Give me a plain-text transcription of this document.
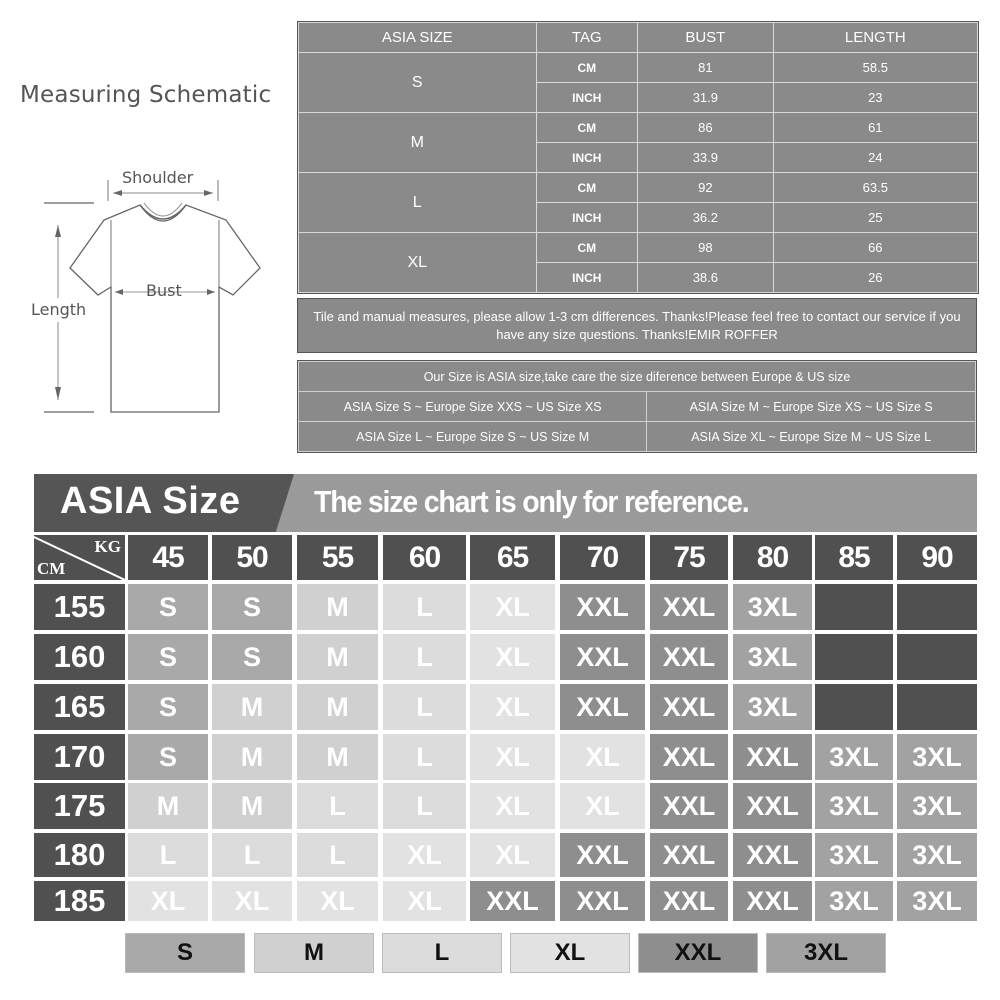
Measuring Schematic
Shoulder
Bust
Length
ASIA SIZE	TAG	BUST	LENGTH
S	CM	81	58.5
	INCH	31.9	23
M	CM	86	61
	INCH	33.9	24
L	CM	92	63.5
	INCH	36.2	25
XL	CM	98	66
	INCH	38.6	26
Tile and manual measures, please allow 1-3 cm differences. Thanks!Please feel free to contact our service if you have any size questions. Thanks!EMIR ROFFER
Our Size is ASIA size,take care the size diference between Europe & US size	
ASIA Size S ~ Europe Size XXS ~ US Size XS	ASIA Size M ~ Europe Size XS ~ US Size S
ASIA Size L ~ Europe Size S ~ US Size M	ASIA Size XL ~ Europe Size M ~ US Size L
ASIA Size The size chart is only for reference.
KG
CM	45	50	55	60	65	70	75	80	85	90
155	S	S	M	L	XL	XXL	XXL	3XL
160	S	S	M	L	XL	XXL	XXL	3XL
165	S	M	M	L	XL	XXL	XXL	3XL
170	S	M	M	L	XL	XL	XXL	XXL	3XL	3XL
175	M	M	L	L	XL	XL	XXL	XXL	3XL	3XL
180	L	L	L	XL	XL	XXL	XXL	XXL	3XL	3XL
185	XL	XL	XL	XL	XXL	XXL	XXL	XXL	3XL	3XL
S	M	L	XL	XXL	3XL
